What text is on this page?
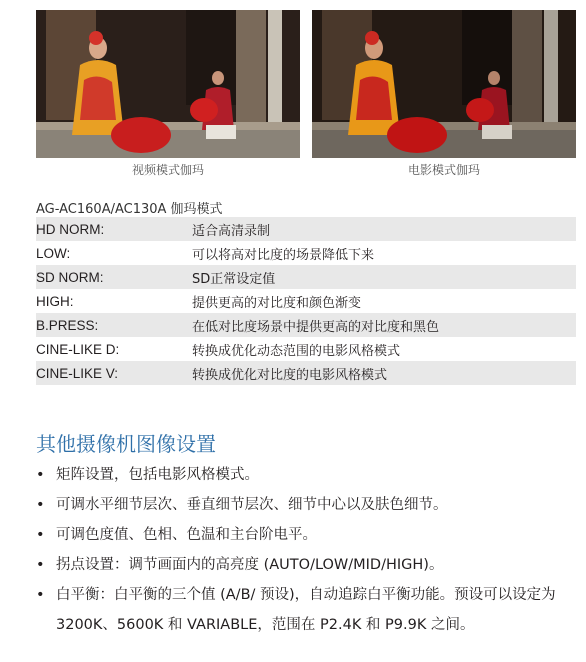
视频模式伽玛	电影模式伽玛
AG-AC160A/AC130A 伽玛模式
HD NORM:	适合高清录制
LOW:	可以将高对比度的场景降低下来
SD NORM:	SD正常设定值
HIGH:	提供更高的对比度和颜色渐变
B.PRESS:	在低对比度场景中提供更高的对比度和黑色
CINE-LIKE D:	转换成优化动态范围的电影风格模式
CINE-LIKE V:	转换成优化对比度的电影风格模式
其他摄像机图像设置
• 矩阵设置，包括电影风格模式。
• 可调水平细节层次、垂直细节层次、细节中心以及肤色细节。
• 可调色度值、色相、色温和主台阶电平。
• 拐点设置：调节画面内的高亮度 (AUTO/LOW/MID/HIGH)。
• 白平衡：白平衡的三个值 (A/B/ 预设)，自动追踪白平衡功能。预设可以设定为 3200K、5600K 和 VARIABLE，范围在 P2.4K 和 P9.9K 之间。
